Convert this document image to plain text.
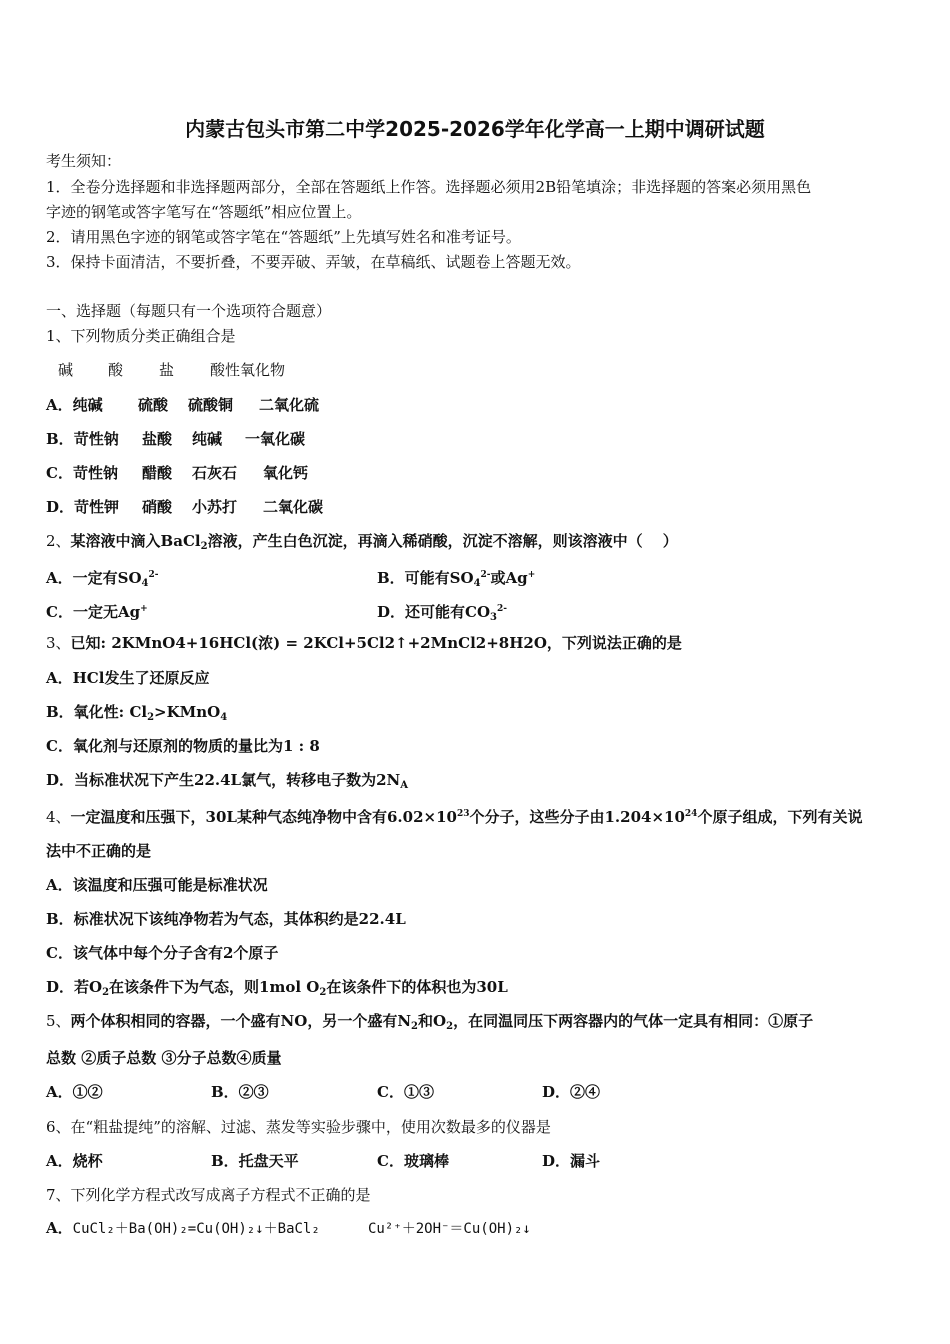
内蒙古包头市第二中学2025-2026学年化学高一上期中调研试题
考生须知：
1．全卷分选择题和非选择题两部分，全部在答题纸上作答。选择题必须用2B铅笔填涂；非选择题的答案必须用黑色
字迹的钢笔或答字笔写在“答题纸”相应位置上。
2．请用黑色字迹的钢笔或答字笔在“答题纸”上先填写姓名和准考证号。
3．保持卡面清洁，不要折叠，不要弄破、弄皱，在草稿纸、试题卷上答题无效。
一、选择题（每题只有一个选项符合题意）
1、下列物质分类正确组合是
碱 酸 盐 酸性氧化物
A．纯碱 硫酸 硫酸铜 二氧化硫
B．苛性钠 盐酸 纯碱 一氧化碳
C．苛性钠 醋酸 石灰石 氧化钙
D．苛性钾 硝酸 小苏打 二氧化碳
2、某溶液中滴入BaCl$_2$溶液，产生白色沉淀，再滴入稀硝酸，沉淀不溶解，则该溶液中（　 ）
A．一定有$SO_4^{2-}$	B．可能有$SO_4^{2-}$或Ag+
C．一定无Ag+	D．还可能有$CO_3^{2-}$
3、已知: 2KMnO4+16HCl(浓) = 2KCl+5Cl2↑+2MnCl2+8H2O，下列说法正确的是
A．HCl发生了还原反应
B．氧化性: $Cl_2>KMnO_4$
C．氧化剂与还原剂的物质的量比为1 : 8
D．当标准状况下产生22.4L氯气，转移电子数为$2N_A$
4、一定温度和压强下，30L某种气态纯净物中含有$6.02\times 10^{23}$个分子，这些分子由$1.204\times 10^{24}$个原子组成，下列有关说
法中不正确的是
A．该温度和压强可能是标准状况
B．标准状况下该纯净物若为气态，其体积约是22.4L
C．该气体中每个分子含有2个原子
D．若$O_2$在该条件下为气态，则1mol $O_2$在该条件下的体积也为30L
5、两个体积相同的容器，一个盛有NO，另一个盛有$N_2$和$O_2$，在同温同压下两容器内的气体一定具有相同：①原子
总数 ②质子总数 ③分子总数④质量
A．①②	B．②③	C．①③	D．②④
6、在“粗盐提纯”的溶解、过滤、蒸发等实验步骤中，使用次数最多的仪器是
A．烧杯	B．托盘天平	C．玻璃棒	D．漏斗
7、下列化学方程式改写成离子方程式不正确的是
A．CuCl₂＋Ba(OH)₂=Cu(OH)₂↓＋BaCl₂	Cu²⁺＋2OH⁻＝Cu(OH)₂↓
